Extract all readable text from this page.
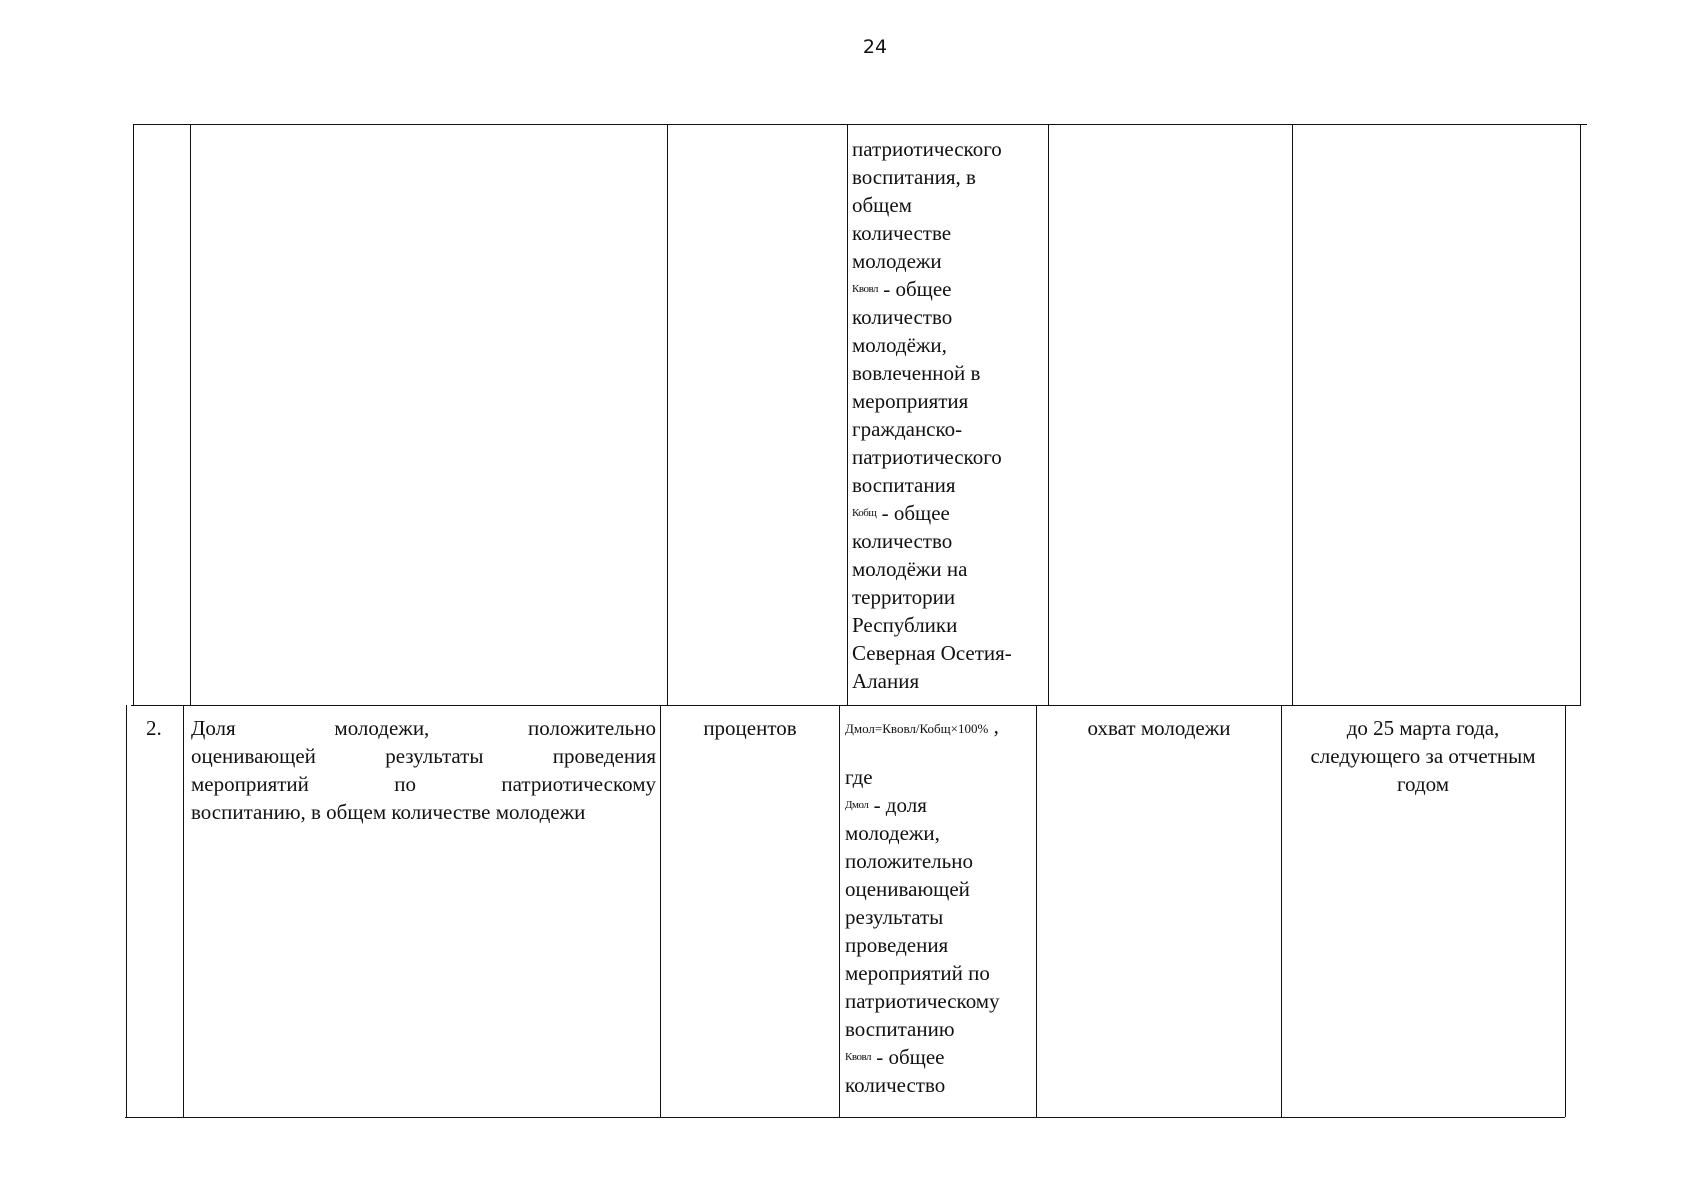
24
патриотического
воспитания, в
общем
количестве
молодежи
$^{Квовл}$ - общее
количество
молодёжи,
вовлеченной в
мероприятия
гражданско-
патриотического
воспитания
$^{Кобщ}$ - общее
количество
молодёжи на
территории
Республики
Северная Осетия-
Алания
2. Доля молодежи, положительно
оценивающей результаты проведения
мероприятий по патриотическому
воспитанию, в общем количестве молодежи
процентов	Дмол=Квовл/Кобщ×100% ,
где
$^{Дмол}$ - доля
молодежи,
положительно
оценивающей
результаты
проведения
мероприятий по
патриотическому
воспитанию
$^{Квовл}$ - общее
количество
охват молодежи	до 25 марта года,
следующего за отчетным
годом
